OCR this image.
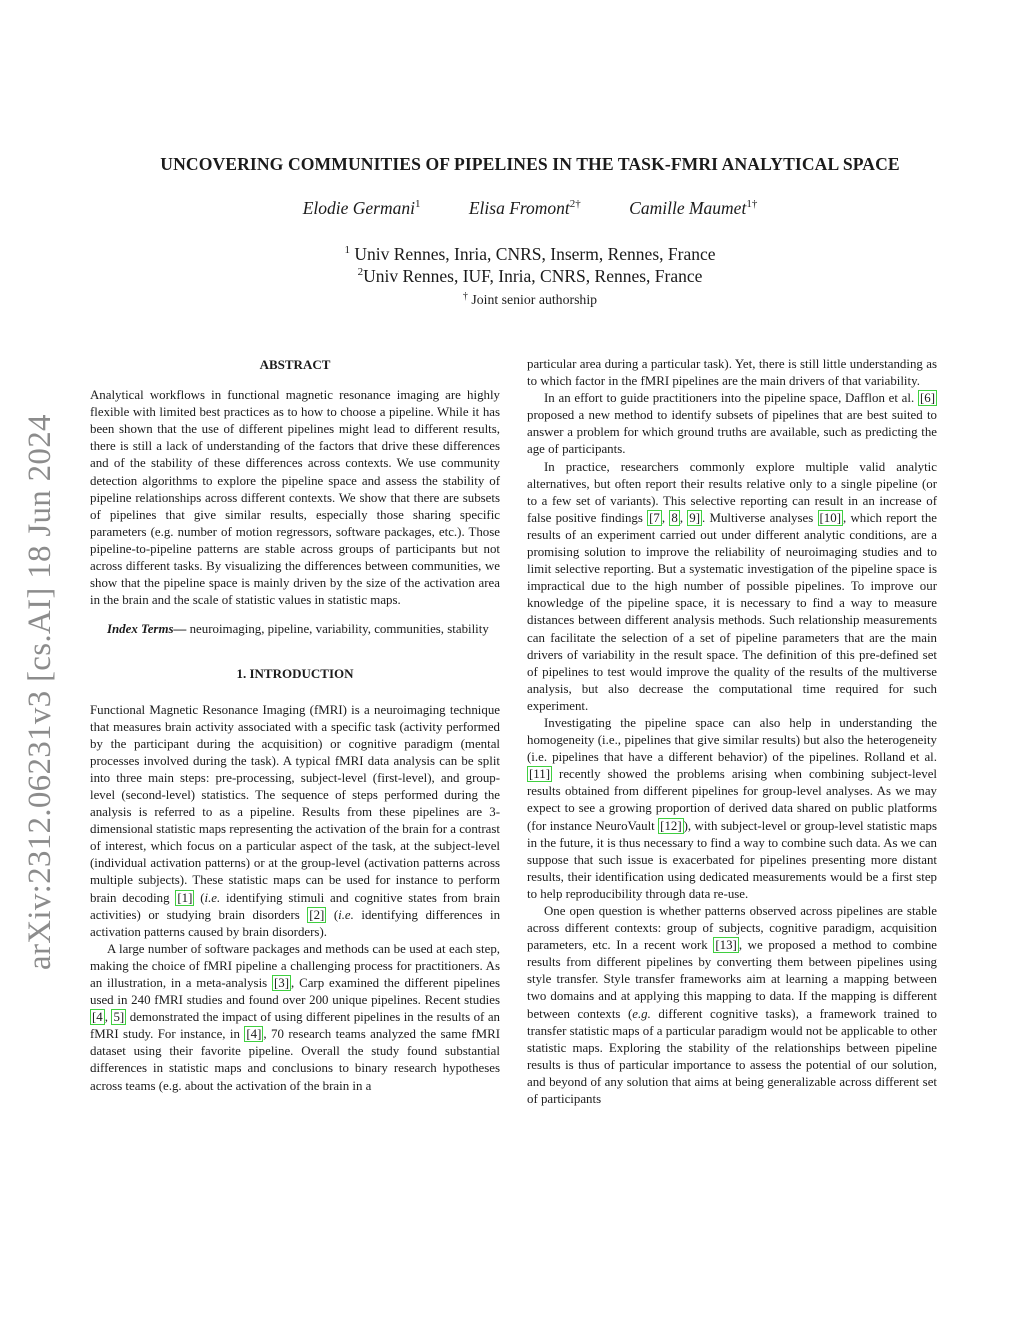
arXiv:2312.06231v3 [cs.AI] 18 Jun 2024
UNCOVERING COMMUNITIES OF PIPELINES IN THE TASK-FMRI ANALYTICAL SPACE
Elodie Germani$^1$	Elisa Fromont$^{2\dagger}$	Camille Maumet$^{1\dagger}$
$^1$ Univ Rennes, Inria, CNRS, Inserm, Rennes, France
$^2$Univ Rennes, IUF, Inria, CNRS, Rennes, France
† Joint senior authorship
ABSTRACT

Analytical workflows in functional magnetic resonance imaging are highly flexible with limited best practices as to how to choose a pipeline. While it has been shown that the use of different pipelines might lead to different results, there is still a lack of understanding of the factors that drive these differences and of the stability of these differences across contexts. We use community detection algorithms to explore the pipeline space and assess the stability of pipeline relationships across different contexts. We show that there are subsets of pipelines that give similar results, especially those sharing specific parameters (e.g. number of motion regressors, software packages, etc.). Those pipeline-to-pipeline patterns are stable across groups of participants but not across different tasks. By visualizing the differences between communities, we show that the pipeline space is mainly driven by the size of the activation area in the brain and the scale of statistic values in statistic maps.

Index Terms— neuroimaging, pipeline, variability, communities, stability

1. INTRODUCTION

Functional Magnetic Resonance Imaging (fMRI) is a neuroimaging technique that measures brain activity associated with a specific task (activity performed by the participant during the acquisition) or cognitive paradigm (mental processes involved during the task). A typical fMRI data analysis can be split into three main steps: pre-processing, subject-level (first-level), and group-level (second-level) statistics. The sequence of steps performed during the analysis is referred to as a pipeline. Results from these pipelines are 3-dimensional statistic maps representing the activation of the brain for a contrast of interest, which focus on a particular aspect of the task, at the subject-level (individual activation patterns) or at the group-level (activation patterns across multiple subjects). These statistic maps can be used for instance to perform brain decoding [1] (i.e. identifying stimuli and cognitive states from brain activities) or studying brain disorders [2] (i.e. identifying differences in activation patterns caused by brain disorders).

A large number of software packages and methods can be used at each step, making the choice of fMRI pipeline a challenging process for practitioners. As an illustration, in a meta-analysis [3] , Carp examined the different pipelines used in 240 fMRI studies and found over 200 unique pipelines. Recent studies [4 , 5] demonstrated the impact of using different pipelines in the results of an fMRI study. For instance, in [4] , 70 research teams analyzed the same fMRI dataset using their favorite pipeline. Overall the study found substantial differences in statistic maps and conclusions to binary research hypotheses across teams (e.g. about the activation of the brain in a

particular area during a particular task). Yet, there is still little understanding as to which factor in the fMRI pipelines are the main drivers of that variability.

In an effort to guide practitioners into the pipeline space, Dafflon et al. [6] proposed a new method to identify subsets of pipelines that are best suited to answer a problem for which ground truths are available, such as predicting the age of participants.

In practice, researchers commonly explore multiple valid analytic alternatives, but often report their results relative only to a single pipeline (or to a few set of variants). This selective reporting can result in an increase of false positive findings [7 , 8 , 9] . Multiverse analyses [10] , which report the results of an experiment carried out under different analytic conditions, are a promising solution to improve the reliability of neuroimaging studies and to limit selective reporting. But a systematic investigation of the pipeline space is impractical due to the high number of possible pipelines. To improve our knowledge of the pipeline space, it is necessary to find a way to measure distances between different analysis methods. Such relationship measurements can facilitate the selection of a set of pipeline parameters that are the main drivers of variability in the result space. The definition of this pre-defined set of pipelines to test would improve the quality of the results of the multiverse analysis, but also decrease the computational time required for such experiment.

Investigating the pipeline space can also help in understanding the homogeneity (i.e., pipelines that give similar results) but also the heterogeneity (i.e. pipelines that have a different behavior) of the pipelines. Rolland et al. [11] recently showed the problems arising when combining subject-level results obtained from different pipelines for group-level analyses. As we may expect to see a growing proportion of derived data shared on public platforms (for instance NeuroVault [12] ), with subject-level or group-level statistic maps in the future, it is thus necessary to find a way to combine such data. As we can suppose that such issue is exacerbated for pipelines presenting more distant results, their identification using dedicated measurements would be a first step to help reproducibility through data re-use.

One open question is whether patterns observed across pipelines are stable across different contexts: group of subjects, cognitive paradigm, acquisition parameters, etc. In a recent work [13] , we proposed a method to combine results from different pipelines by converting them between pipelines using style transfer. Style transfer frameworks aim at learning a mapping between two domains and at applying this mapping to data. If the mapping is different between contexts (e.g. different cognitive tasks), a framework trained to transfer statistic maps of a particular paradigm would not be applicable to other statistic maps. Exploring the stability of the relationships between pipeline results is thus of particular importance to assess the potential of our solution, and beyond of any solution that aims at being generalizable across different set of participants
